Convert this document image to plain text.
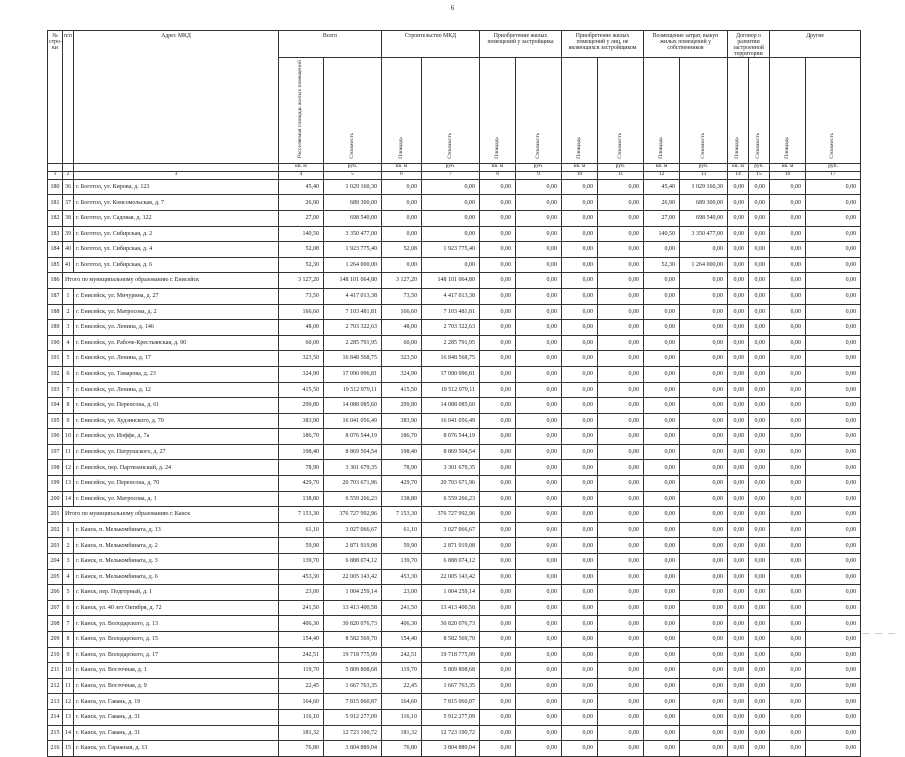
6
№ стро-ки	п/п	Адрес МКД	Всего		Строительство МКД		Приобретение жилых помещений у застройщика		Приобретение жилых помещений у лиц, не являющихся застройщиком		Возмещение затрат, выкуп жилых помещений у собственников		Договор о развитии застроенной территории		Другие	
			Расселяемая площадь жилых помещений	Стоимость	Площадь	Стоимость	Площадь	Стоимость	Площадь	Стоимость	Площадь	Стоимость	Площадь	Стоимость	Площадь	Стоимость
			кв. м	руб.	кв. м	руб.	кв. м	руб.	кв. м	руб.	кв. м	руб.	кв. м	руб.	кв. м	руб.
1	2	3	4	5	6	7	8	9	10	11	12	13	14	15	16	17
180	36	г. Боготол, ул. Кирова, д. 123	45,40	1 029 160,30	0,00	0,00	0,00	0,00	0,00	0,00	45,40	1 029 160,30	0,00	0,00	0,00	0,00
181	37	г. Боготол, ул. Комсомольская, д. 7	26,90	689 300,00	0,00	0,00	0,00	0,00	0,00	0,00	26,90	689 300,00	0,00	0,00	0,00	0,00
182	38	г. Боготол, ул. Садовая, д. 122	27,00	698 540,00	0,00	0,00	0,00	0,00	0,00	0,00	27,00	698 540,00	0,00	0,00	0,00	0,00
183	39	г. Боготол, ул. Сибирская, д. 2	140,50	3 350 477,00	0,00	0,00	0,00	0,00	0,00	0,00	140,50	3 350 477,00	0,00	0,00	0,00	0,00
184	40	г. Боготол, ул. Сибирская, д. 4	52,08	1 923 775,40	52,08	1 923 775,40	0,00	0,00	0,00	0,00	0,00	0,00	0,00	0,00	0,00	0,00
185	41	г. Боготол, ул. Сибирская, д. 6	52,30	1 264 000,00	0,00	0,00	0,00	0,00	0,00	0,00	52,30	1 264 000,00	0,00	0,00	0,00	0,00
186	Итого по муниципальному образованию г. Енисейск		3 127,20	148 101 064,80	3 127,20	148 101 064,80	0,00	0,00	0,00	0,00	0,00	0,00	0,00	0,00	0,00	0,00
187	1	г. Енисейск, ул. Мичурина, д. 27	73,50	4 417 013,38	73,50	4 417 013,38	0,00	0,00	0,00	0,00	0,00	0,00	0,00	0,00	0,00	0,00
188	2	г. Енисейск, ул. Матросова, д. 2	166,60	7 103 481,81	166,60	7 103 481,81	0,00	0,00	0,00	0,00	0,00	0,00	0,00	0,00	0,00	0,00
189	3	г. Енисейск, ул. Ленина, д. 146	48,00	2 703 322,63	48,00	2 703 322,63	0,00	0,00	0,00	0,00	0,00	0,00	0,00	0,00	0,00	0,00
190	4	г. Енисейск, ул. Рабоче-Крестьянская, д. 90	60,00	2 285 791,95	60,00	2 285 791,95	0,00	0,00	0,00	0,00	0,00	0,00	0,00	0,00	0,00	0,00
191	5	г. Енисейск, ул. Ленина, д. 17	323,50	16 848 568,75	323,50	16 848 568,75	0,00	0,00	0,00	0,00	0,00	0,00	0,00	0,00	0,00	0,00
192	6	г. Енисейск, ул. Тамарова, д. 23	324,90	17 090 096,81	324,90	17 090 096,81	0,00	0,00	0,00	0,00	0,00	0,00	0,00	0,00	0,00	0,00
193	7	г. Енисейск, ул. Ленина, д. 12	415,50	19 512 979,11	415,50	19 512 979,11	0,00	0,00	0,00	0,00	0,00	0,00	0,00	0,00	0,00	0,00
194	8	г. Енисейск, ул. Перепсона, д. 61	299,80	14 088 085,60	299,80	14 088 085,60	0,00	0,00	0,00	0,00	0,00	0,00	0,00	0,00	0,00	0,00
195	9	г. Енисейск, ул. Худзинского, д. 70	383,90	16 041 056,49	383,90	16 041 056,49	0,00	0,00	0,00	0,00	0,00	0,00	0,00	0,00	0,00	0,00
196	10	г. Енисейск, ул. Иоффе, д. 7а	186,70	8 076 544,19	186,70	8 076 544,19	0,00	0,00	0,00	0,00	0,00	0,00	0,00	0,00	0,00	0,00
197	11	г. Енисейск, ул. Патрушского, д. 27	198,40	8 869 504,54	198,40	8 869 504,54	0,00	0,00	0,00	0,00	0,00	0,00	0,00	0,00	0,00	0,00
198	12	г. Енисейск, пер. Партизанский, д. 24	78,90	3 301 679,35	78,90	3 301 679,35	0,00	0,00	0,00	0,00	0,00	0,00	0,00	0,00	0,00	0,00
199	13	г. Енисейск, ул. Перепсона, д. 70	429,70	20 703 671,96	429,70	20 703 671,96	0,00	0,00	0,00	0,00	0,00	0,00	0,00	0,00	0,00	0,00
200	14	г. Енисейск, ул. Матросова, д. 1	138,80	6 559 266,23	138,80	6 559 266,23	0,00	0,00	0,00	0,00	0,00	0,00	0,00	0,00	0,00	0,00
201	Итого по муниципальному образованию г. Канск		7 153,30	376 727 992,96	7 153,30	376 727 992,96	0,00	0,00	0,00	0,00	0,00	0,00	0,00	0,00	0,00	0,00
202	1	г. Канск, п. Мелькомбината, д. 13	61,10	3 027 066,67	61,10	3 027 066,67	0,00	0,00	0,00	0,00	0,00	0,00	0,00	0,00	0,00	0,00
203	2	г. Канск, п. Мелькомбината, д. 2	59,90	2 871 919,08	59,90	2 871 919,08	0,00	0,00	0,00	0,00	0,00	0,00	0,00	0,00	0,00	0,00
204	3	г. Канск, п. Мелькомбината, д. 3	139,70	6 888 074,12	139,70	6 888 074,12	0,00	0,00	0,00	0,00	0,00	0,00	0,00	0,00	0,00	0,00
205	4	г. Канск, п. Мелькомбината, д. 6	453,30	22 005 143,42	453,30	22 005 143,42	0,00	0,00	0,00	0,00	0,00	0,00	0,00	0,00	0,00	0,00
206	5	г. Канск, пер. Подгорный, д. 1	23,00	1 004 259,14	23,00	1 004 259,14	0,00	0,00	0,00	0,00	0,00	0,00	0,00	0,00	0,00	0,00
207	6	г. Канск, ул. 40 лет Октября, д. 72	241,50	13 413 400,58	241,50	13 413 400,58	0,00	0,00	0,00	0,00	0,00	0,00	0,00	0,00	0,00	0,00
208	7	г. Канск, ул. Володарского, д. 13	406,30	30 820 076,73	406,30	30 820 076,73	0,00	0,00	0,00	0,00	0,00	0,00	0,00	0,00	0,00	0,00
209	8	г. Канск, ул. Володарского, д. 15	154,40	8 582 569,70	154,40	8 582 569,70	0,00	0,00	0,00	0,00	0,00	0,00	0,00	0,00	0,00	0,00
210	9	г. Канск, ул. Володарского, д. 17	242,51	19 718 775,99	242,51	19 718 775,99	0,00	0,00	0,00	0,00	0,00	0,00	0,00	0,00	0,00	0,00
211	10	г. Канск, ул. Восточная, д. 1	119,70	5 809 808,68	119,70	5 809 808,68	0,00	0,00	0,00	0,00	0,00	0,00	0,00	0,00	0,00	0,00
212	11	г. Канск, ул. Восточная, д. 9	22,45	1 667 763,35	22,45	1 667 763,35	0,00	0,00	0,00	0,00	0,00	0,00	0,00	0,00	0,00	0,00
213	12	г. Канск, ул. Гавань, д. 19	164,60	7 815 060,87	164,60	7 815 060,87	0,00	0,00	0,00	0,00	0,00	0,00	0,00	0,00	0,00	0,00
214	13	г. Канск, ул. Гавань, д. 31	116,10	5 912 277,09	116,10	5 912 277,09	0,00	0,00	0,00	0,00	0,00	0,00	0,00	0,00	0,00	0,00
215	14	г. Канск, ул. Гавань, д. 31	181,32	12 723 190,72	181,32	12 723 190,72	0,00	0,00	0,00	0,00	0,00	0,00	0,00	0,00	0,00	0,00
216	15	г. Канск, ул. Гаражная, д. 13	76,80	3 804 889,04	76,80	3 804 889,04	0,00	0,00	0,00	0,00	0,00	0,00	0,00	0,00	0,00	0,00
— — —
